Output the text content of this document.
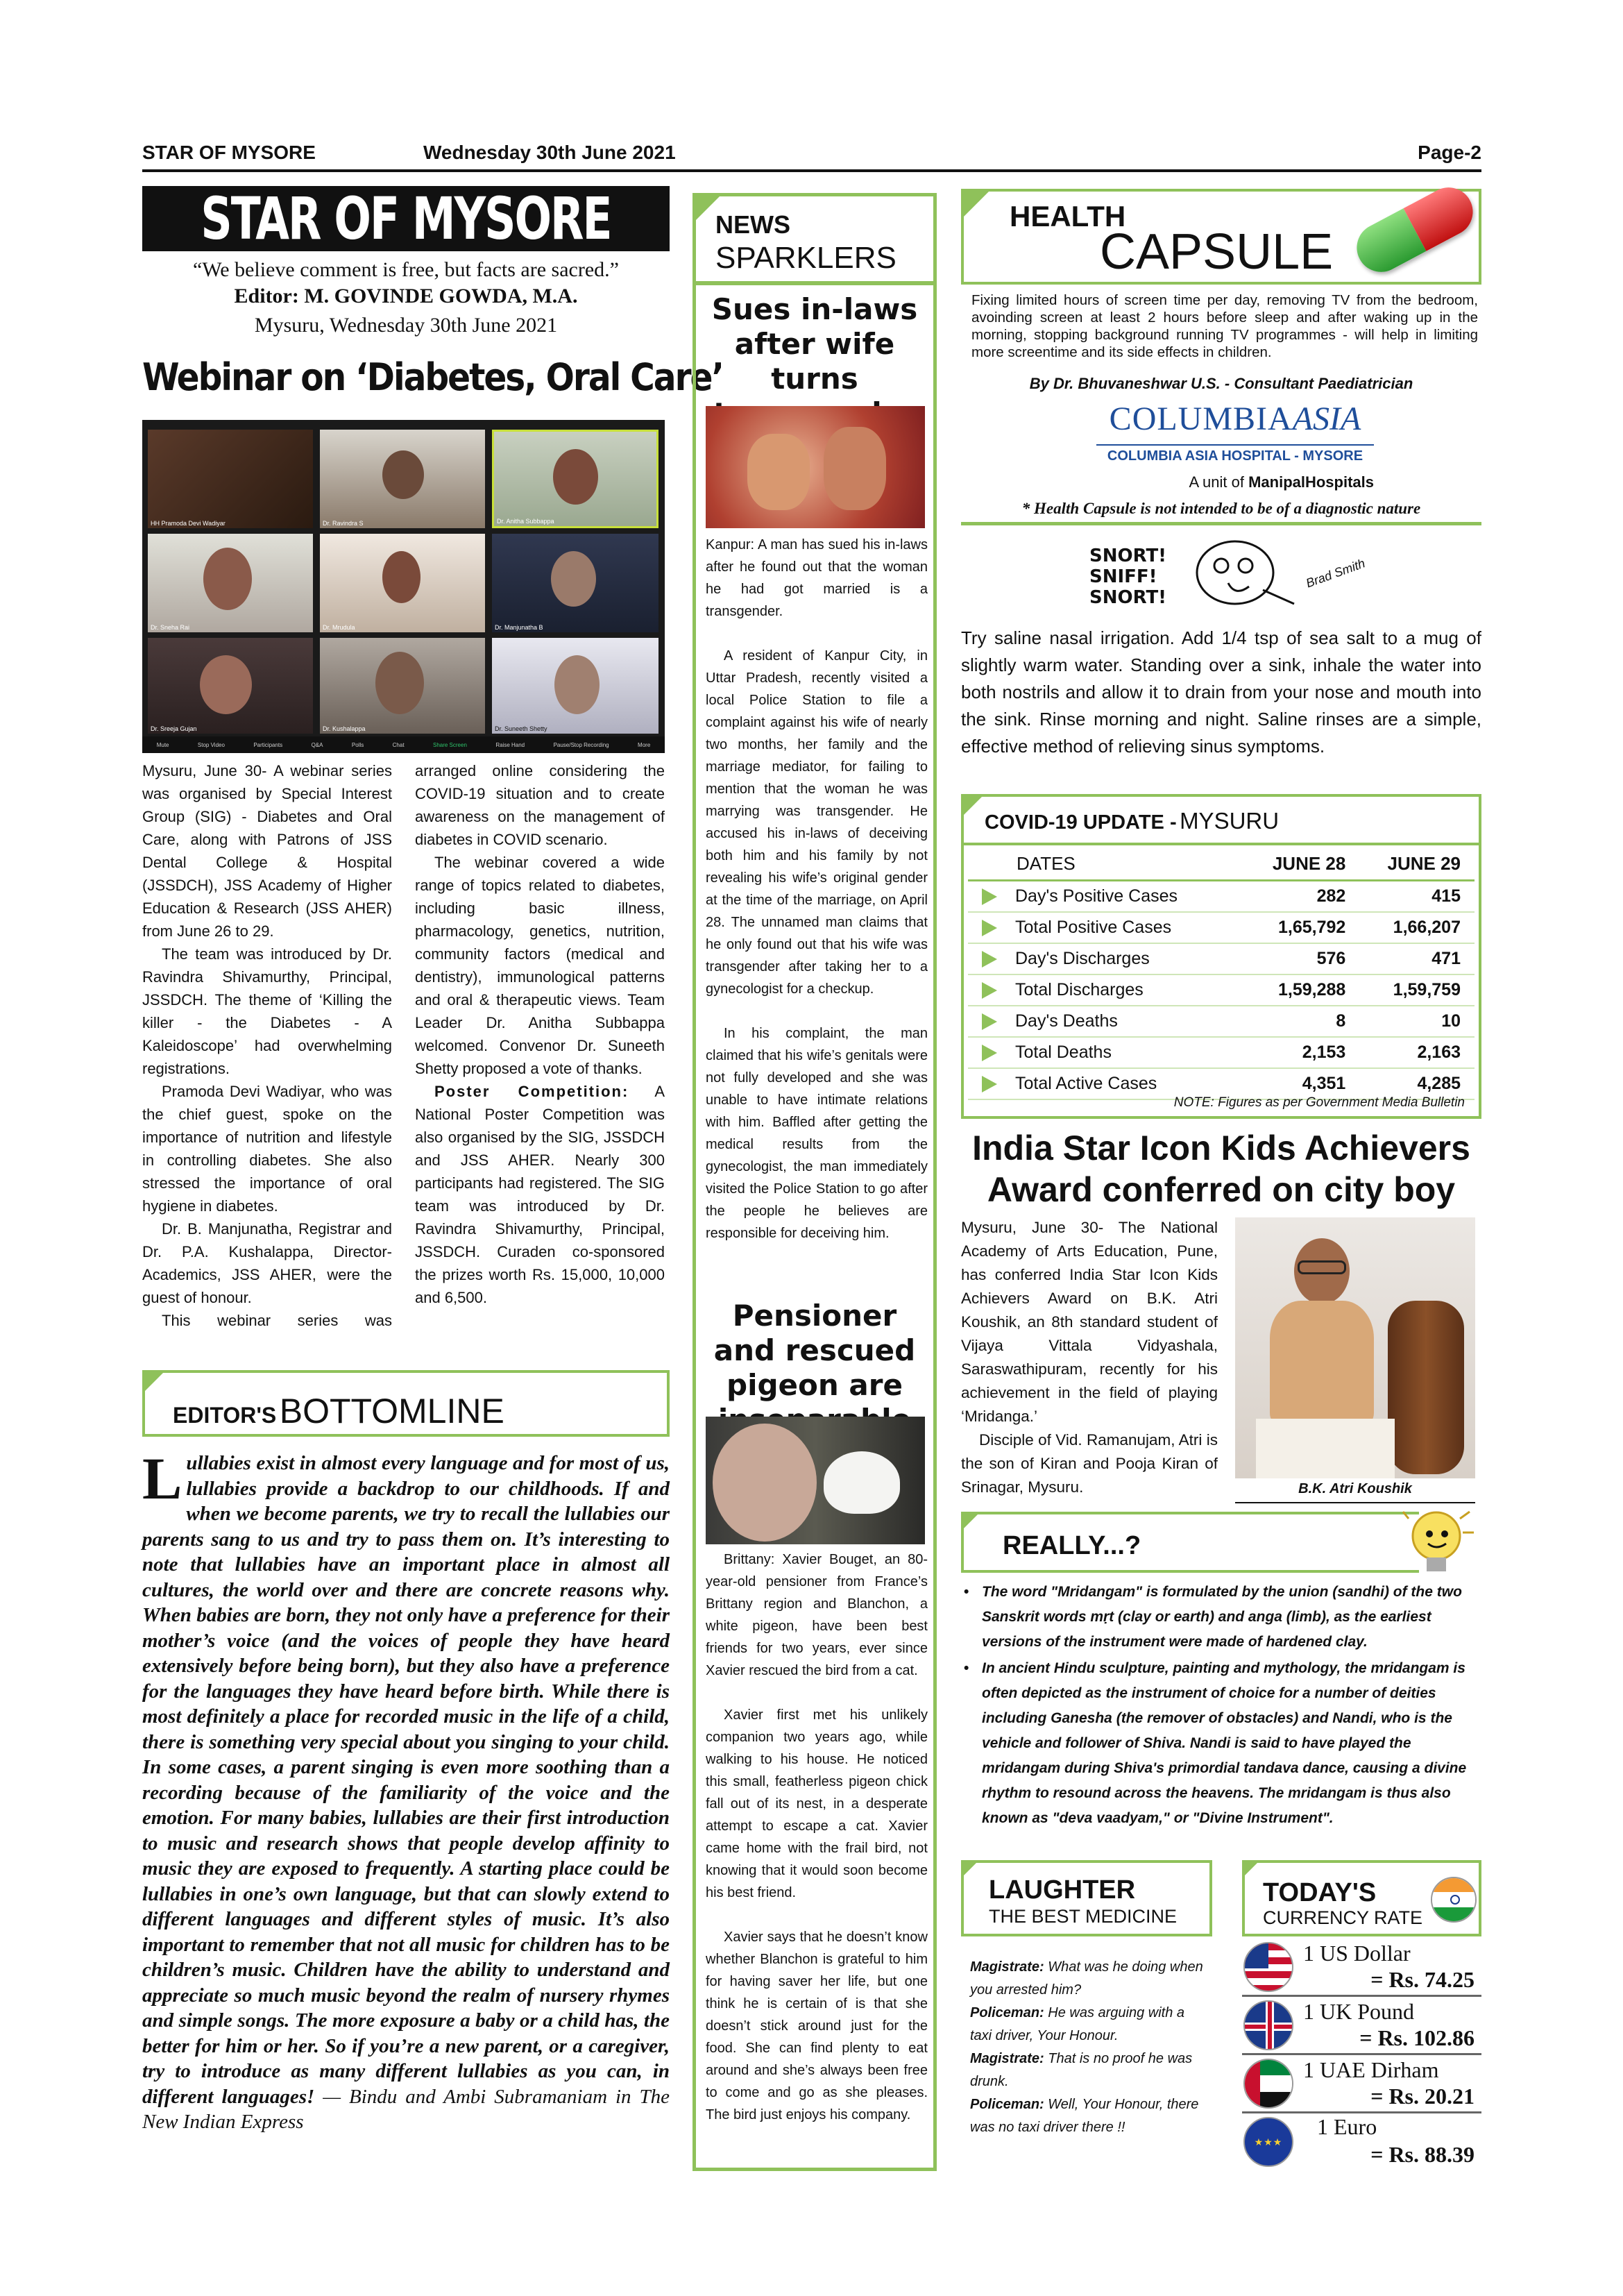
STAR OF MYSORE	Wednesday 30th June 2021	Page-2
STAR OF MYSORE
“We believe comment is free, but facts are sacred.”
Editor: M. GOVINDE GOWDA, M.A.
Mysuru, Wednesday 30th June 2021
Webinar on ‘Diabetes, Oral Care’
HH Pramoda Devi Wadiyar	Dr. Ravindra S	Dr. Anitha Subbappa
Dr. Sneha Rai	Dr. Mrudula	Dr. Manjunatha B
Dr. Sreeja Gujan	Dr. Kushalappa	Dr. Suneeth Shetty
Mute	Stop Video	Participants	Q&A	Polls	Chat	Share Screen	Raise Hand	Pause/Stop Recording	More

Mysuru, June 30- A webinar series was organised by Special Interest Group (SIG) - Diabetes and Oral Care, along with Patrons of JSS Dental College & Hospital (JSSDCH), JSS Academy of Higher Education & Research (JSS AHER) from June 26 to 29.

The team was introduced by Dr. Ravindra Shivamurthy, Principal, JSSDCH. The theme of ‘Killing the killer - the Diabetes - A Kaleidoscope’ had overwhelming registrations.

Pramoda Devi Wadiyar, who was the chief guest, spoke on the importance of nutrition and lifestyle in controlling diabetes. She also stressed the importance of oral hygiene in diabetes.

Dr. B. Manjunatha, Registrar and Dr. P.A. Kushalappa, Director-Academics, JSS AHER, were the guest of honour.

This webinar series was

arranged online considering the COVID-19 situation and to create awareness on the management of diabetes in COVID scenario.

The webinar covered a wide range of topics related to diabetes, including basic illness, pharmacology, genetics, nutrition, community factors (medical and dentistry), immunological patterns and oral & therapeutic views. Team Leader Dr. Anitha Subbappa welcomed. Convenor Dr. Suneeth Shetty proposed a vote of thanks.

Poster Competition: A National Poster Competition was also organised by the SIG, JSSDCH and JSS AHER. Nearly 300 participants had registered. The SIG team was introduced by Dr. Ravindra Shivamurthy, Principal, JSSDCH. Curaden co-sponsored the prizes worth Rs. 15,000, 10,000 and 6,500.

EDITOR'S BOTTOMLINE
Lullabies exist in almost every language and for most of us, lullabies provide a backdrop to our childhoods. If and when we become parents, we try to recall the lullabies our parents sang to us and try to pass them on. It’s interesting to note that lullabies have an important place in almost all cultures, the world over and there are concrete reasons why. When babies are born, they not only have a preference for their mother’s voice (and the voices of people they have heard extensively before being born), but they also have a preference for the languages they have heard before birth. While there is most definitely a place for recorded music in the life of a child, there is something very special about you singing to your child. In some cases, a parent singing is even more soothing than a recording because of the familiarity of the voice and the emotion. For many babies, lullabies are their first introduction to music and research shows that people develop affinity to music they are exposed to frequently. A starting place could be lullabies in one’s own language, but that can slowly extend to different languages and different styles of music. It’s also important to remember that not all music for children has to be children’s music. Children have the ability to understand and appreciate so much music beyond the realm of nursery rhymes and simple songs. The more exposure a baby or a child has, the better for him or her. So if you’re a new parent, or a caregiver, try to introduce as many different lullabies as you can, in different languages! — Bindu and Ambi Subramaniam in The New Indian Express
NEWS
SPARKLERS
Sues in-laws after wife turns

Kanpur: A man has sued his in-laws after he found out that the woman he had got married is a transgender.

A resident of Kanpur City, in Uttar Pradesh, recently visited a local Police Station to file a complaint against his wife of nearly two months, her family and the marriage mediator, for failing to mention that the woman he was marrying was transgender. He accused his in-laws of deceiving both him and his family by not revealing his wife’s original gender at the time of the marriage, on April 28. The unnamed man claims that he only found out that his wife was transgender after taking her to a gynecologist for a checkup.

In his complaint, the man claimed that his wife’s genitals were not fully developed and she was unable to have intimate relations with him. Baffled after getting the medical results from the gynecologist, the man immediately visited the Police Station to go after the people he believes are responsible for deceiving him.

Pensioner and rescued pigeon are

Brittany: Xavier Bouget, an 80-year-old pensioner from France’s Brittany region and Blanchon, a white pigeon, have been best friends for two years, ever since Xavier rescued the bird from a cat.

Xavier first met his unlikely companion two years ago, while walking to his house. He noticed this small, featherless pigeon chick fall out of its nest, in a desperate attempt to escape a cat. Xavier came home with the frail bird, not knowing that it would soon become his best friend.

Xavier says that he doesn’t know whether Blanchon is grateful to him for having saver her life, but one think he is certain of is that she doesn’t stick around just for the food. She can find plenty to eat around and she’s always been free to come and go as she pleases. The bird just enjoys his company.

HEALTH
CAPSULE
Fixing limited hours of screen time per day, removing TV from the bedroom, avoinding screen at least 2 hours before sleep and after waking up in the morning, stopping background running TV programmes - will help in limiting more screentime and its side effects in children.
By Dr. Bhuvaneshwar U.S. - Consultant Paediatrician
COLUMBIAASIA
COLUMBIA ASIA HOSPITAL - MYSORE
A unit of ManipalHospitals
* Health Capsule is not intended to be of a diagnostic nature
SNORT!
SNIFF!
SNORT!
Brad Smith
Try saline nasal irrigation. Add 1/4 tsp of sea salt to a mug of slightly warm water. Standing over a sink, inhale the water into both nostrils and allow it to drain from your nose and mouth into the sink. Rinse morning and night. Saline rinses are a simple, effective method of relieving sinus symptoms.
COVID-19 UPDATE - MYSURU
DATES	JUNE 28	JUNE 29
Day's Positive Cases	282	415
Total Positive Cases	1,65,792	1,66,207
Day's Discharges	576	471
Total Discharges	1,59,288	1,59,759
Day's Deaths	8	10
Total Deaths	2,153	2,163
Total Active Cases	4,351	4,285
NOTE: Figures as per Government Media Bulletin
India Star Icon Kids Achievers Award conferred on city boy

Mysuru, June 30- The National Academy of Arts Education, Pune, has conferred India Star Icon Kids Achievers Award on B.K. Atri Koushik, an 8th standard student of Vijaya Vittala Vidyashala, Saraswathipuram, recently for his achievement in the field of playing ‘Mridanga.’

Disciple of Vid. Ramanujam, Atri is the son of Kiran and Pooja Kiran of Srinagar, Mysuru.	B.K. Atri Koushik
REALLY...?
• The word "Mridangam" is formulated by the union (sandhi) of the two Sanskrit words mṛt (clay or earth) and anga (limb), as the earliest versions of the instrument were made of hardened clay.
• In ancient Hindu sculpture, painting and mythology, the mridangam is often depicted as the instrument of choice for a number of deities including Ganesha (the remover of obstacles) and Nandi, who is the vehicle and follower of Shiva. Nandi is said to have played the mridangam during Shiva's primordial tandava dance, causing a divine rhythm to resound across the heavens. The mridangam is thus also known as "deva vaadyam," or "Divine Instrument".
LAUGHTER
THE BEST MEDICINE

Magistrate: What was he doing when you arrested him?

Policeman: He was arguing with a taxi driver, Your Honour.

Magistrate: That is no proof he was drunk.

Policeman: Well, Your Honour, there was no taxi driver there !!

TODAY'S
CURRENCY RATE
1 US Dollar
= Rs. 74.25
1 UK Pound
= Rs. 102.86
1 UAE Dirham
= Rs. 20.21
★★★
1 Euro
= Rs. 88.39
